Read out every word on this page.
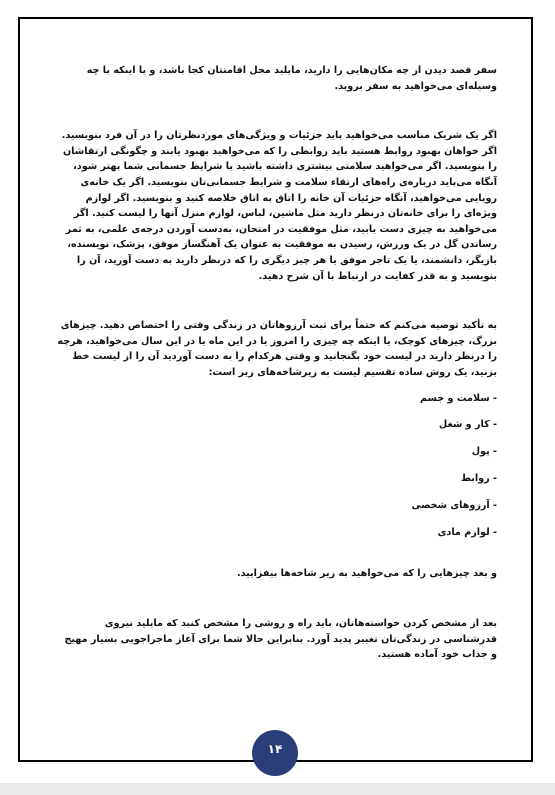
سفر قصد دیدن از چه مکان‌هایی را دارید، مایلید محل اقامتتان کجا باشد، و یا اینکه با چه وسیله‌ای می‌خواهید به سفر بروید.

اگر یک شریک مناسب می‌خواهید باید جزئیات و ویژگی‌های موردنظرتان را در آن فرد بنویسید. اگر خواهان بهبود روابط هستید باید روابطی را که می‌خواهید بهبود یابند و چگونگی ارتقاشان را بنویسید. اگر می‌خواهید سلامتی بیشتری داشته باشید یا شرایط جسمانی شما بهتر شود، آنگاه می‌باید درباره‌ی راه‌های ارتقاء سلامت و شرایط جسمانی‌تان بنویسید. اگر یک خانه‌ی رویایی می‌خواهید، آنگاه جزئیات آن خانه را اتاق به اتاق خلاصه کنید و بنویسید. اگر لوازم ویژه‌ای را برای خانه‌تان درنظر دارید مثل ماشین، لباس، لوازم منزل آنها را لیست کنید. اگر می‌خواهید به چیزی دست یابید، مثل موفقیت در امتحان، به‌دست آوردن درجه‌ی علمی، به ثمر رساندن گل در یک ورزش، رسیدن به موفقیت به عنوان یک آهنگساز موفق، پزشک، نویسنده، بازیگر، دانشمند، یا یک تاجر موفق یا هر چیز دیگری را که درنظر دارید به دست آورید، آن را بنویسید و به قدر کفایت در ارتباط با آن شرح دهید.

به تأکید توصیه می‌کنم که حتماً برای ثبت آرزوهاتان در زندگی وقتی را اختصاص دهید. چیزهای بزرگ، چیزهای کوچک، یا اینکه چه چیزی را امروز یا در این ماه یا در این سال می‌خواهید، هرچه را درنظر دارید در لیست خود بگنجانید و وقتی هرکدام را به دست آوردید آن را از لیست خط بزنید، یک روش ساده تقسیم لیست به زیرشاخه‌های زیر است:

- سلامت و جسم
- کار و شغل
- پول
- روابط
- آرزوهای شخصی
- لوازم مادی

و بعد چیزهایی را که می‌خواهید به زیر شاخه‌ها بیفزایید.

بعد از مشخص کردن خواسته‌هاتان، باید راه و روشی را مشخص کنید که مایلید نیروی قدرشناسی در زندگی‌تان تغییر پدید آورد. بنابراین حالا شما برای آغاز ماجراجویی بسیار مهیج و جذاب خود آماده هستید.

۱۴
